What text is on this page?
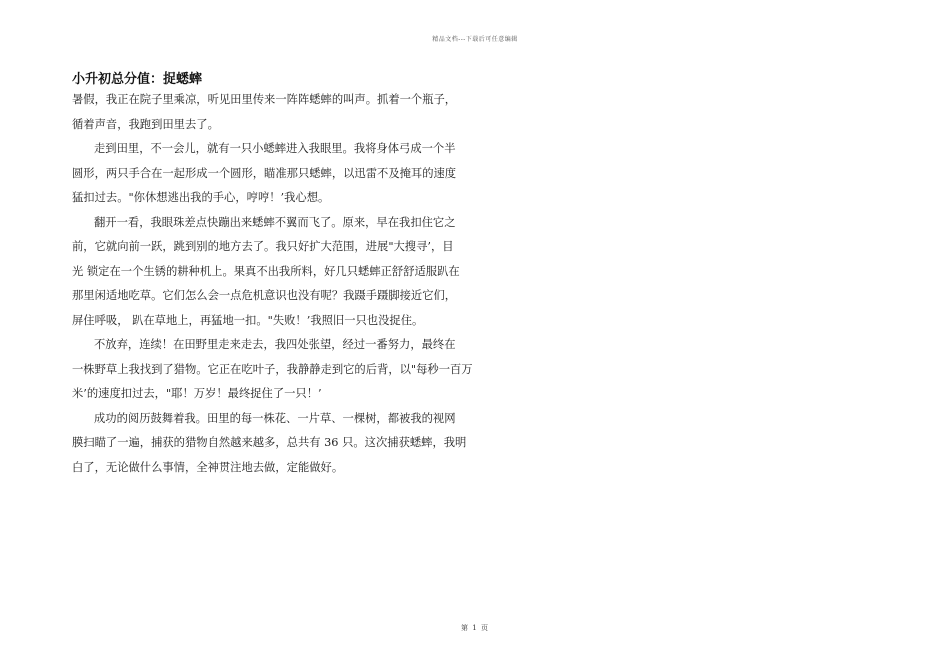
精品文档---下载后可任意编辑
小升初总分值：捉蟋蟀
暑假，我正在院子里乘凉，听见田里传来一阵阵蟋蟀的叫声。抓着一个瓶子，
循着声音，我跑到田里去了。
走到田里，不一会儿，就有一只小蟋蟀进入我眼里。我将身体弓成一个半
圆形，两只手合在一起形成一个圆形，瞄准那只蟋蟀，以迅雷不及掩耳的速度
猛扣过去。"你休想逃出我的手心，哼哼！’我心想。
翻开一看，我眼珠差点快蹦出来蟋蟀不翼而飞了。原来，早在我扣住它之
前，它就向前一跃，跳到别的地方去了。我只好扩大范围，进展"大搜寻’，目
光 锁定在一个生锈的耕种机上。果真不出我所料，好几只蟋蟀正舒舒适服趴在
那里闲适地吃草。它们怎么会一点危机意识也没有呢？我蹑手蹑脚接近它们，
屏住呼吸， 趴在草地上，再猛地一扣。"失败！’我照旧一只也没捉住。
不放弃，连续！在田野里走来走去，我四处张望，经过一番努力，最终在
一株野草上我找到了猎物。它正在吃叶子，我静静走到它的后背，以"每秒一百万
米’的速度扣过去，"耶！万岁！最终捉住了一只！’
成功的阅历鼓舞着我。田里的每一株花、一片草、一棵树，都被我的视网
膜扫瞄了一遍，捕获的猎物自然越来越多，总共有 36 只。这次捕获蟋蟀，我明
白了，无论做什么事情，全神贯注地去做，定能做好。
第 1 页
